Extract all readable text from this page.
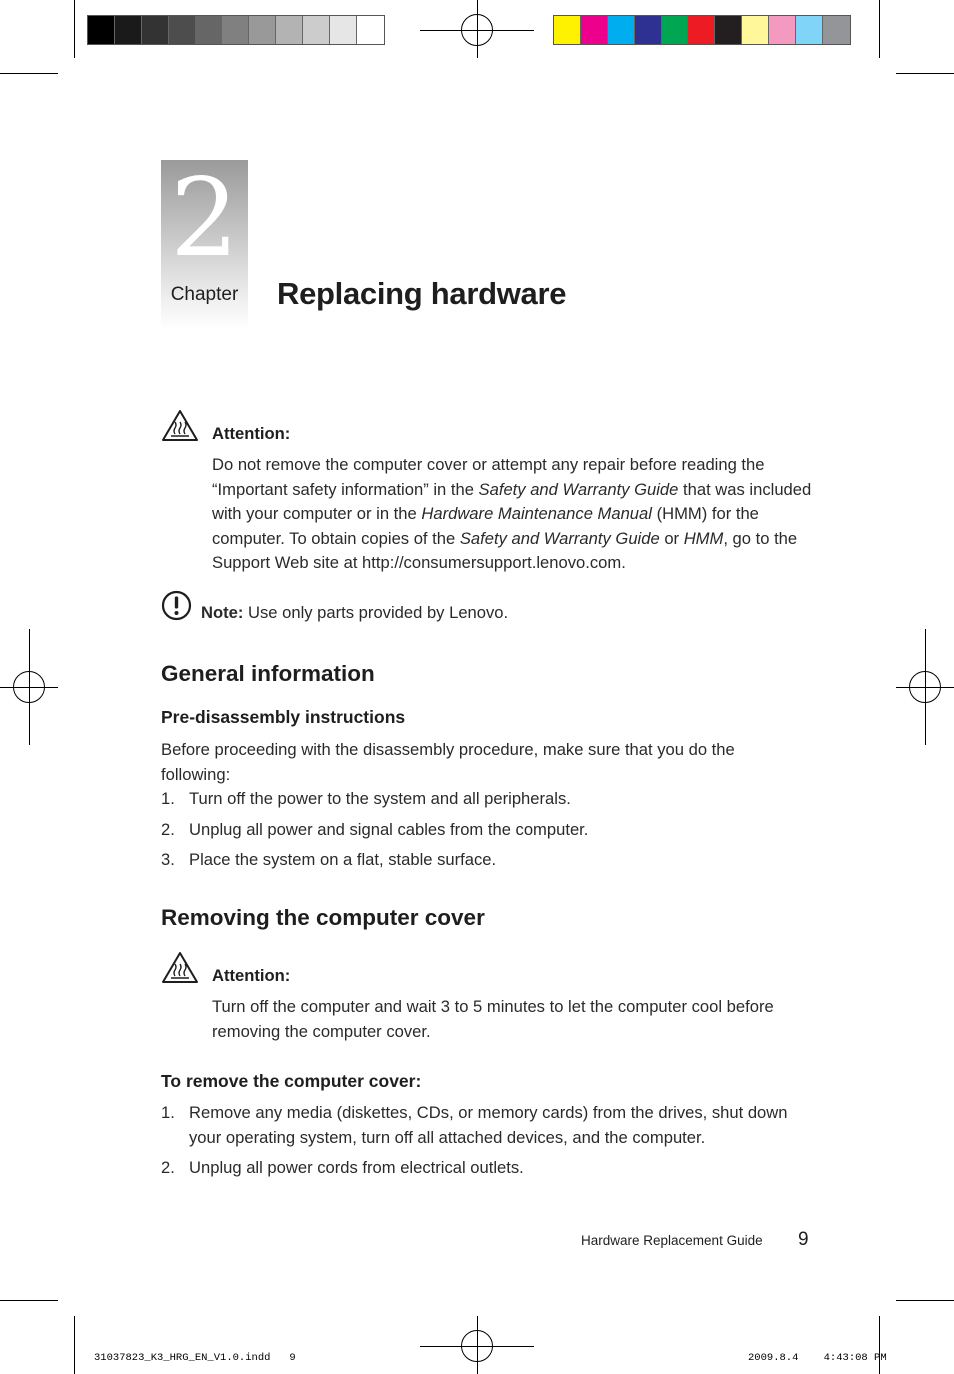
2
Chapter	Replacing hardware
Attention:
Do not remove the computer cover or attempt any repair before reading the “Important safety information” in the Safety and Warranty Guide that was included with your computer or in the Hardware Maintenance Manual (HMM) for the computer. To obtain copies of the Safety and Warranty Guide or HMM, go to the Support Web site at http://consumersupport.lenovo.com.
Note: Use only parts provided by Lenovo.
General information
Pre-disassembly instructions
Before proceeding with the disassembly procedure, make sure that you do the following:
1. Turn off the power to the system and all peripherals.
2. Unplug all power and signal cables from the computer.
3. Place the system on a flat, stable surface.
Removing the computer cover
Attention:
Turn off the computer and wait 3 to 5 minutes to let the computer cool before removing the computer cover.
To remove the computer cover:
1. Remove any media (diskettes, CDs, or memory cards) from the drives, shut down your operating system, turn off all attached devices, and the computer.
2. Unplug all power cords from electrical outlets.
Hardware Replacement Guide 9
31037823_K3_HRG_EN_V1.0.indd   9	2009.8.4    4:43:08 PM
